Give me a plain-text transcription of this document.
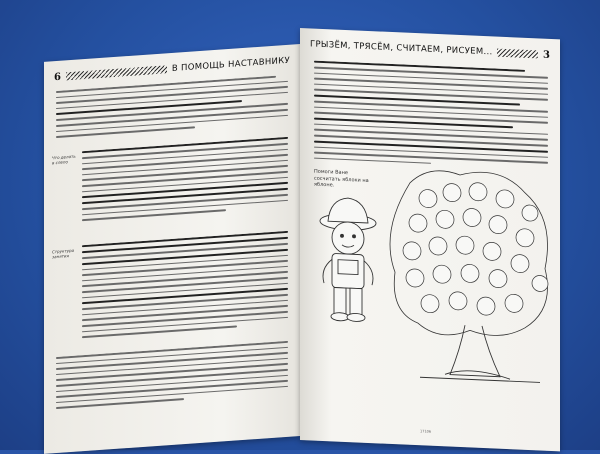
6
В ПОМОЩЬ НАСТАВНИКУ
Что делать в слепо
Структура занятия
ГРЫЗЁМ, ТРЯСЁМ, СЧИТАЕМ, РИСУЕМ...	3
Помоги Ване сосчитать яблоки на яблоне.
17106
